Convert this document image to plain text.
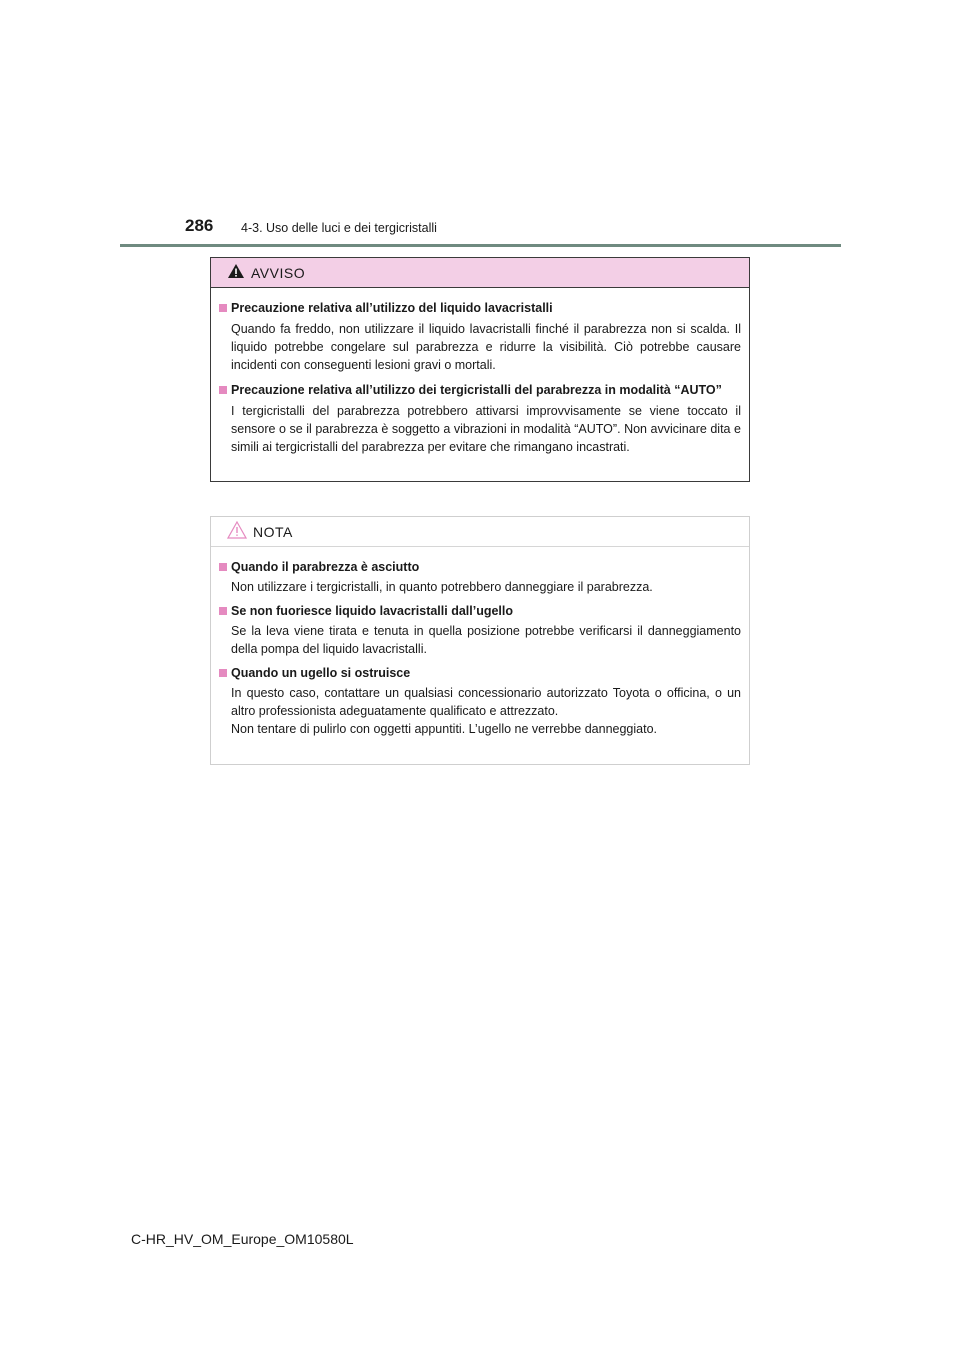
286 4-3. Uso delle luci e dei tergicristalli
AVVISO

Precauzione relativa all’utilizzo del liquido lavacristalli

Quando fa freddo, non utilizzare il liquido lavacristalli finché il parabrezza non si scalda. Il liquido potrebbe congelare sul parabrezza e ridurre la visibilità. Ciò potrebbe causare incidenti con conseguenti lesioni gravi o mortali.

Precauzione relativa all’utilizzo dei tergicristalli del parabrezza in modalità “AUTO”

I tergicristalli del parabrezza potrebbero attivarsi improvvisamente se viene toccato il sensore o se il parabrezza è soggetto a vibrazioni in modalità “AUTO”. Non avvicinare dita e simili ai tergicristalli del parabrezza per evitare che rimangano incastrati.

NOTA

Quando il parabrezza è asciutto

Non utilizzare i tergicristalli, in quanto potrebbero danneggiare il parabrezza.

Se non fuoriesce liquido lavacristalli dall’ugello

Se la leva viene tirata e tenuta in quella posizione potrebbe verificarsi il danneggiamento della pompa del liquido lavacristalli.

Quando un ugello si ostruisce

In questo caso, contattare un qualsiasi concessionario autorizzato Toyota o officina, o un altro professionista adeguatamente qualificato e attrezzato.
Non tentare di pulirlo con oggetti appuntiti. L’ugello ne verrebbe danneggiato.

C-HR_HV_OM_Europe_OM10580L
